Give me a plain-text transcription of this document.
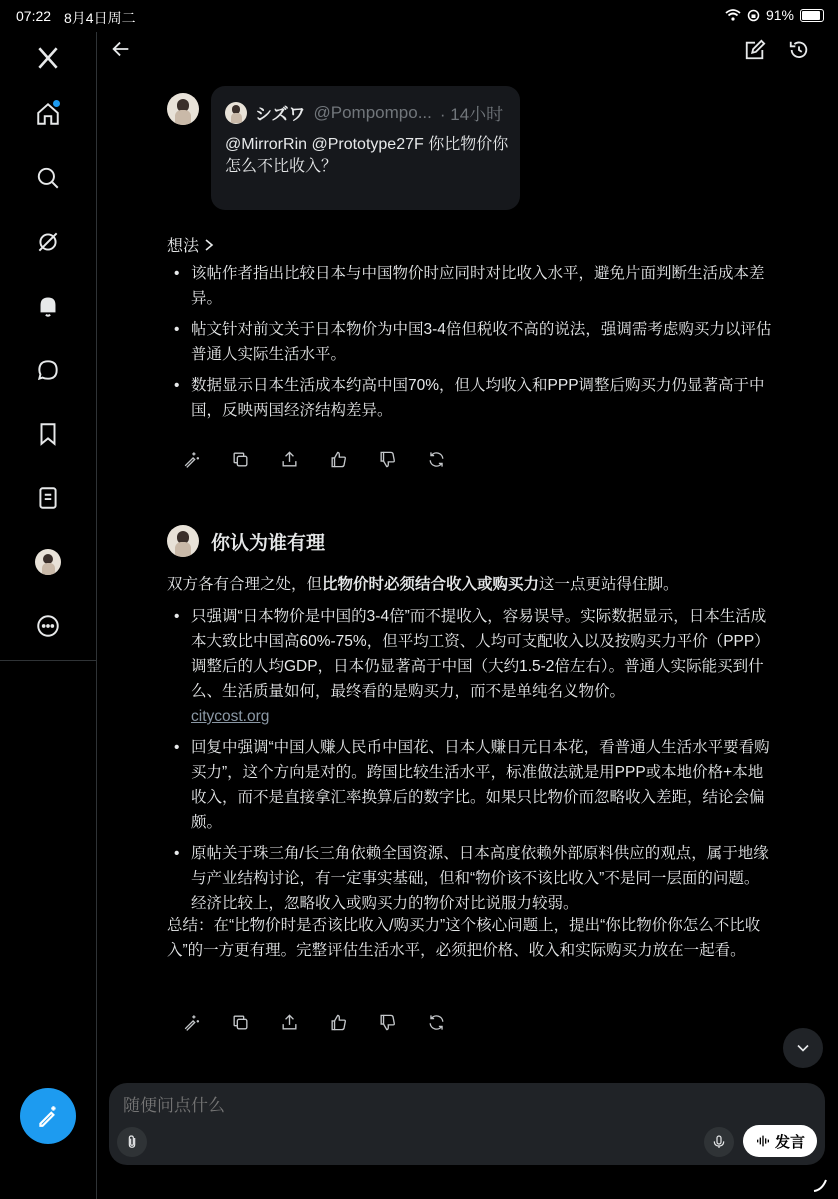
07:22 8月4日周二	91%
シズワ @Pompompo... · 14小时
@MirrorRin @Prototype27F 你比物价你怎么不比收入？
想法
• 该帖作者指出比较日本与中国物价时应同时对比收入水平，避免片面判断生活成本差异。
• 帖文针对前文关于日本物价为中国3-4倍但税收不高的说法，强调需考虑购买力以评估普通人实际生活水平。
• 数据显示日本生活成本约高中国70%，但人均收入和PPP调整后购买力仍显著高于中国，反映两国经济结构差异。
你认为谁有理
双方各有合理之处，但比物价时必须结合收入或购买力这一点更站得住脚。
• 只强调“日本物价是中国的3-4倍”而不提收入，容易误导。实际数据显示，日本生活成本大致比中国高60%-75%，但平均工资、人均可支配收入以及按购买力平价（PPP）调整后的人均GDP，日本仍显著高于中国（大约1.5-2倍左右）。普通人实际能买到什么、生活质量如何，最终看的是购买力，而不是单纯名义物价。
citycost.org
• 回复中强调“中国人赚人民币中国花、日本人赚日元日本花，看普通人生活水平要看购买力”，这个方向是对的。跨国比较生活水平，标准做法就是用PPP或本地价格+本地收入，而不是直接拿汇率换算后的数字比。如果只比物价而忽略收入差距，结论会偏颇。
• 原帖关于珠三角/长三角依赖全国资源、日本高度依赖外部原料供应的观点，属于地缘与产业结构讨论，有一定事实基础，但和“物价该不该比收入”不是同一层面的问题。经济比较上，忽略收入或购买力的物价对比说服力较弱。
总结：在“比物价时是否该比收入/购买力”这个核心问题上，提出“你比物价你怎么不比收入”的一方更有理。完整评估生活水平，必须把价格、收入和实际购买力放在一起看。
随便问点什么
发言
